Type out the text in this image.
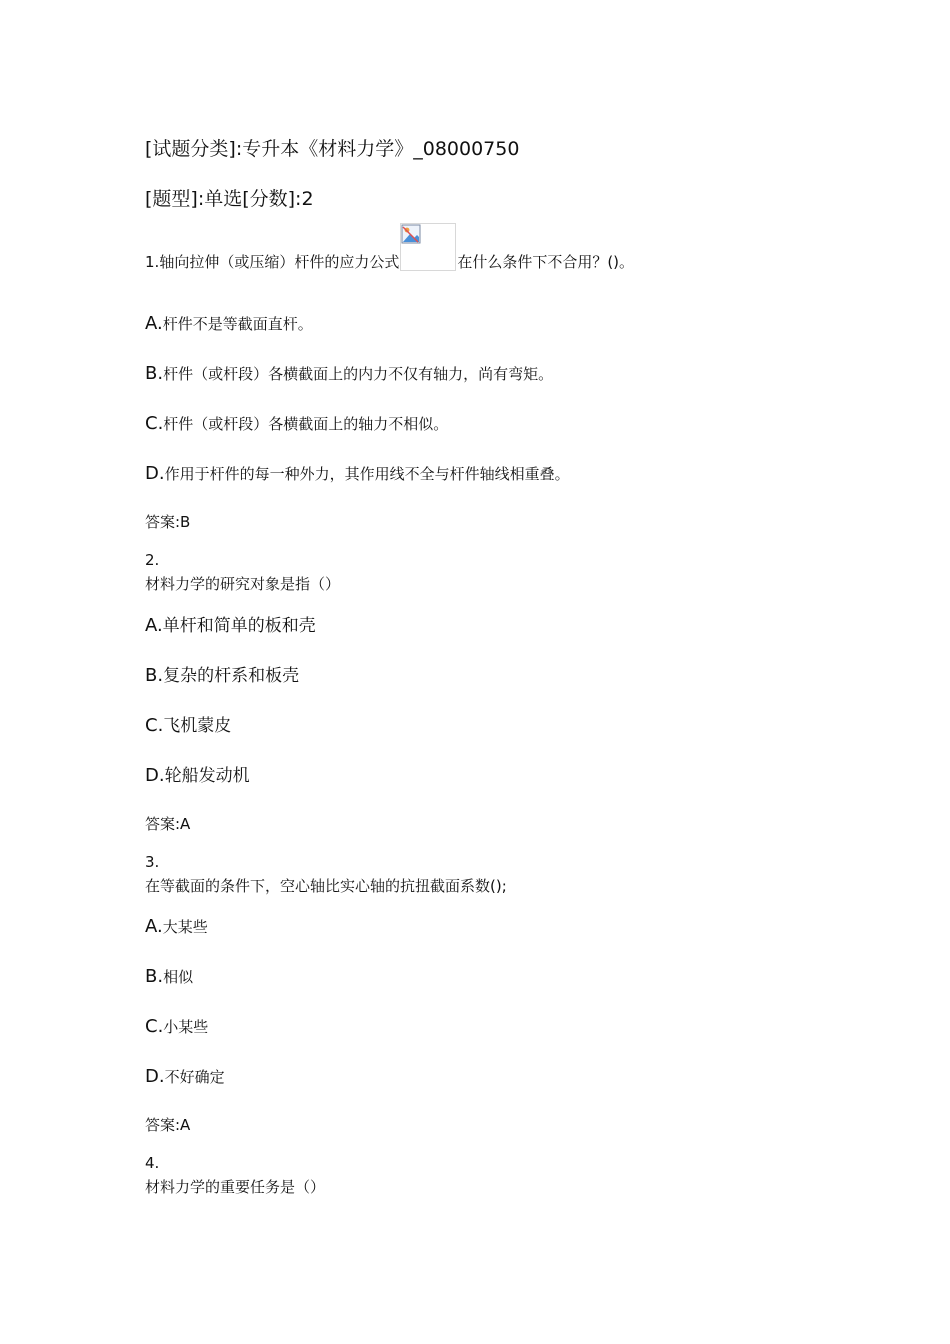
[试题分类]:专升本《材料力学》_08000750
[题型]:单选[分数]:2
1.轴向拉伸（或压缩）杆件的应力公式	在什么条件下不合用？()。
A.杆件不是等截面直杆。
B.杆件（或杆段）各横截面上的内力不仅有轴力，尚有弯矩。
C.杆件（或杆段）各横截面上的轴力不相似。
D.作用于杆件的每一种外力，其作用线不全与杆件轴线相重叠。
答案:B
2.
材料力学的研究对象是指（）
A.单杆和简单的板和壳
B.复杂的杆系和板壳
C.飞机蒙皮
D.轮船发动机
答案:A
3.
在等截面的条件下，空心轴比实心轴的抗扭截面系数();
A.大某些
B.相似
C.小某些
D.不好确定
答案:A
4.
材料力学的重要任务是（）
